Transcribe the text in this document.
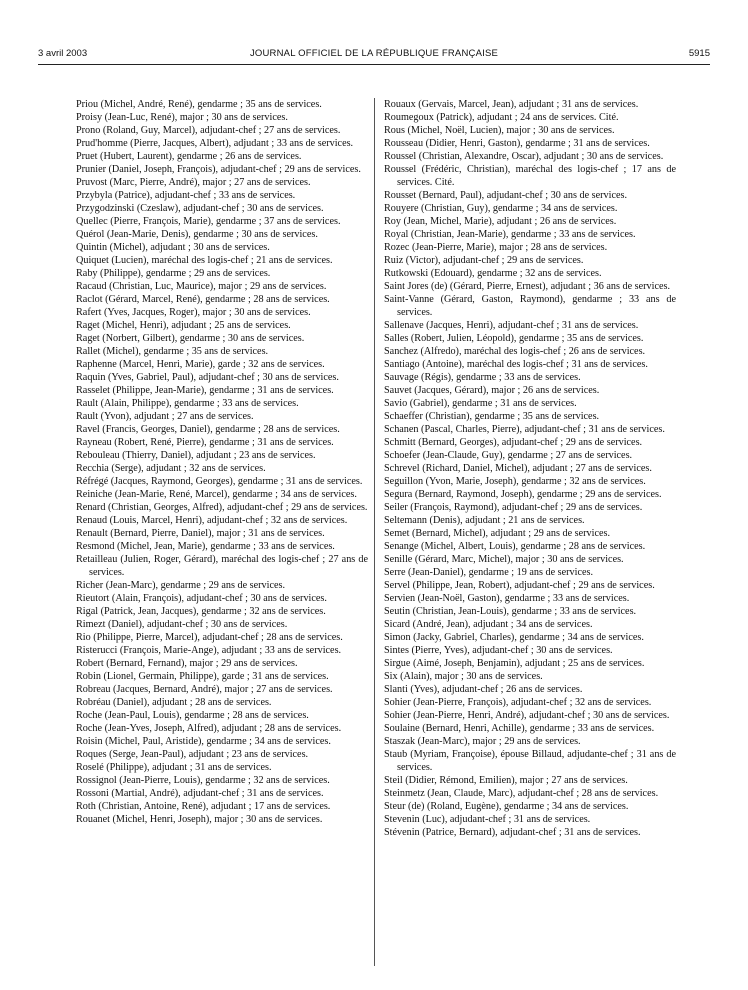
3 avril 2003	JOURNAL OFFICIEL DE LA RÉPUBLIQUE FRANÇAISE	5915

Priou (Michel, André, René), gendarme ; 35 ans de services.

Proisy (Jean-Luc, René), major ; 30 ans de services.

Prono (Roland, Guy, Marcel), adjudant-chef ; 27 ans de services.

Prud'homme (Pierre, Jacques, Albert), adjudant ; 33 ans de services.

Pruet (Hubert, Laurent), gendarme ; 26 ans de services.

Prunier (Daniel, Joseph, François), adjudant-chef ; 29 ans de services.

Pruvost (Marc, Pierre, André), major ; 27 ans de services.

Przybyla (Patrice), adjudant-chef ; 33 ans de services.

Przygodzinski (Czeslaw), adjudant-chef ; 30 ans de services.

Quellec (Pierre, François, Marie), gendarme ; 37 ans de services.

Quérol (Jean-Marie, Denis), gendarme ; 30 ans de services.

Quintin (Michel), adjudant ; 30 ans de services.

Quiquet (Lucien), maréchal des logis-chef ; 21 ans de services.

Raby (Philippe), gendarme ; 29 ans de services.

Racaud (Christian, Luc, Maurice), major ; 29 ans de services.

Raclot (Gérard, Marcel, René), gendarme ; 28 ans de services.

Rafert (Yves, Jacques, Roger), major ; 30 ans de services.

Raget (Michel, Henri), adjudant ; 25 ans de services.

Raget (Norbert, Gilbert), gendarme ; 30 ans de services.

Rallet (Michel), gendarme ; 35 ans de services.

Raphenne (Marcel, Henri, Marie), garde ; 32 ans de services.

Raquin (Yves, Gabriel, Paul), adjudant-chef ; 30 ans de services.

Rasselet (Philippe, Jean-Marie), gendarme ; 31 ans de services.

Rault (Alain, Philippe), gendarme ; 33 ans de services.

Rault (Yvon), adjudant ; 27 ans de services.

Ravel (Francis, Georges, Daniel), gendarme ; 28 ans de services.

Rayneau (Robert, René, Pierre), gendarme ; 31 ans de services.

Rebouleau (Thierry, Daniel), adjudant ; 23 ans de services.

Recchia (Serge), adjudant ; 32 ans de services.

Réfrégé (Jacques, Raymond, Georges), gendarme ; 31 ans de services.

Reiniche (Jean-Marie, René, Marcel), gendarme ; 34 ans de services.

Renard (Christian, Georges, Alfred), adjudant-chef ; 29 ans de services.

Renaud (Louis, Marcel, Henri), adjudant-chef ; 32 ans de services.

Renault (Bernard, Pierre, Daniel), major ; 31 ans de services.

Resmond (Michel, Jean, Marie), gendarme ; 33 ans de services.

Retailleau (Julien, Roger, Gérard), maréchal des logis-chef ; 27 ans de services.

Richer (Jean-Marc), gendarme ; 29 ans de services.

Rieutort (Alain, François), adjudant-chef ; 30 ans de services.

Rigal (Patrick, Jean, Jacques), gendarme ; 32 ans de services.

Rimezt (Daniel), adjudant-chef ; 30 ans de services.

Rio (Philippe, Pierre, Marcel), adjudant-chef ; 28 ans de services.

Risterucci (François, Marie-Ange), adjudant ; 33 ans de services.

Robert (Bernard, Fernand), major ; 29 ans de services.

Robin (Lionel, Germain, Philippe), garde ; 31 ans de services.

Robreau (Jacques, Bernard, André), major ; 27 ans de services.

Robréau (Daniel), adjudant ; 28 ans de services.

Roche (Jean-Paul, Louis), gendarme ; 28 ans de services.

Roche (Jean-Yves, Joseph, Alfred), adjudant ; 28 ans de services.

Roisin (Michel, Paul, Aristide), gendarme ; 34 ans de services.

Roques (Serge, Jean-Paul), adjudant ; 23 ans de services.

Roselé (Philippe), adjudant ; 31 ans de services.

Rossignol (Jean-Pierre, Louis), gendarme ; 32 ans de services.

Rossoni (Martial, André), adjudant-chef ; 31 ans de services.

Roth (Christian, Antoine, René), adjudant ; 17 ans de services.

Rouanet (Michel, Henri, Joseph), major ; 30 ans de services.

Rouaux (Gervais, Marcel, Jean), adjudant ; 31 ans de services.

Roumegoux (Patrick), adjudant ; 24 ans de services. Cité.

Rous (Michel, Noël, Lucien), major ; 30 ans de services.

Rousseau (Didier, Henri, Gaston), gendarme ; 31 ans de services.

Roussel (Christian, Alexandre, Oscar), adjudant ; 30 ans de services.

Roussel (Frédéric, Christian), maréchal des logis-chef ; 17 ans de services. Cité.

Rousset (Bernard, Paul), adjudant-chef ; 30 ans de services.

Rouyere (Christian, Guy), gendarme ; 34 ans de services.

Roy (Jean, Michel, Marie), adjudant ; 26 ans de services.

Royal (Christian, Jean-Marie), gendarme ; 33 ans de services.

Rozec (Jean-Pierre, Marie), major ; 28 ans de services.

Ruiz (Victor), adjudant-chef ; 29 ans de services.

Rutkowski (Edouard), gendarme ; 32 ans de services.

Saint Jores (de) (Gérard, Pierre, Ernest), adjudant ; 36 ans de services.

Saint-Vanne (Gérard, Gaston, Raymond), gendarme ; 33 ans de services.

Sallenave (Jacques, Henri), adjudant-chef ; 31 ans de services.

Salles (Robert, Julien, Léopold), gendarme ; 35 ans de services.

Sanchez (Alfredo), maréchal des logis-chef ; 26 ans de services.

Santiago (Antoine), maréchal des logis-chef ; 31 ans de services.

Sauvage (Régis), gendarme ; 33 ans de services.

Sauvet (Jacques, Gérard), major ; 26 ans de services.

Savio (Gabriel), gendarme ; 31 ans de services.

Schaeffer (Christian), gendarme ; 35 ans de services.

Schanen (Pascal, Charles, Pierre), adjudant-chef ; 31 ans de services.

Schmitt (Bernard, Georges), adjudant-chef ; 29 ans de services.

Schoefer (Jean-Claude, Guy), gendarme ; 27 ans de services.

Schrevel (Richard, Daniel, Michel), adjudant ; 27 ans de services.

Seguillon (Yvon, Marie, Joseph), gendarme ; 32 ans de services.

Segura (Bernard, Raymond, Joseph), gendarme ; 29 ans de services.

Seiler (François, Raymond), adjudant-chef ; 29 ans de services.

Seltemann (Denis), adjudant ; 21 ans de services.

Semet (Bernard, Michel), adjudant ; 29 ans de services.

Senange (Michel, Albert, Louis), gendarme ; 28 ans de services.

Senille (Gérard, Marc, Michel), major ; 30 ans de services.

Serre (Jean-Daniel), gendarme ; 19 ans de services.

Servel (Philippe, Jean, Robert), adjudant-chef ; 29 ans de services.

Servien (Jean-Noël, Gaston), gendarme ; 33 ans de services.

Seutin (Christian, Jean-Louis), gendarme ; 33 ans de services.

Sicard (André, Jean), adjudant ; 34 ans de services.

Simon (Jacky, Gabriel, Charles), gendarme ; 34 ans de services.

Sintes (Pierre, Yves), adjudant-chef ; 30 ans de services.

Sirgue (Aimé, Joseph, Benjamin), adjudant ; 25 ans de services.

Six (Alain), major ; 30 ans de services.

Slanti (Yves), adjudant-chef ; 26 ans de services.

Sohier (Jean-Pierre, François), adjudant-chef ; 32 ans de services.

Sohier (Jean-Pierre, Henri, André), adjudant-chef ; 30 ans de services.

Soulaine (Bernard, Henri, Achille), gendarme ; 33 ans de services.

Staszak (Jean-Marc), major ; 29 ans de services.

Staub (Myriam, Françoise), épouse Billaud, adjudante-chef ; 31 ans de services.

Steil (Didier, Rémond, Emilien), major ; 27 ans de services.

Steinmetz (Jean, Claude, Marc), adjudant-chef ; 28 ans de services.

Steur (de) (Roland, Eugène), gendarme ; 34 ans de services.

Stevenin (Luc), adjudant-chef ; 31 ans de services.

Stévenin (Patrice, Bernard), adjudant-chef ; 31 ans de services.
